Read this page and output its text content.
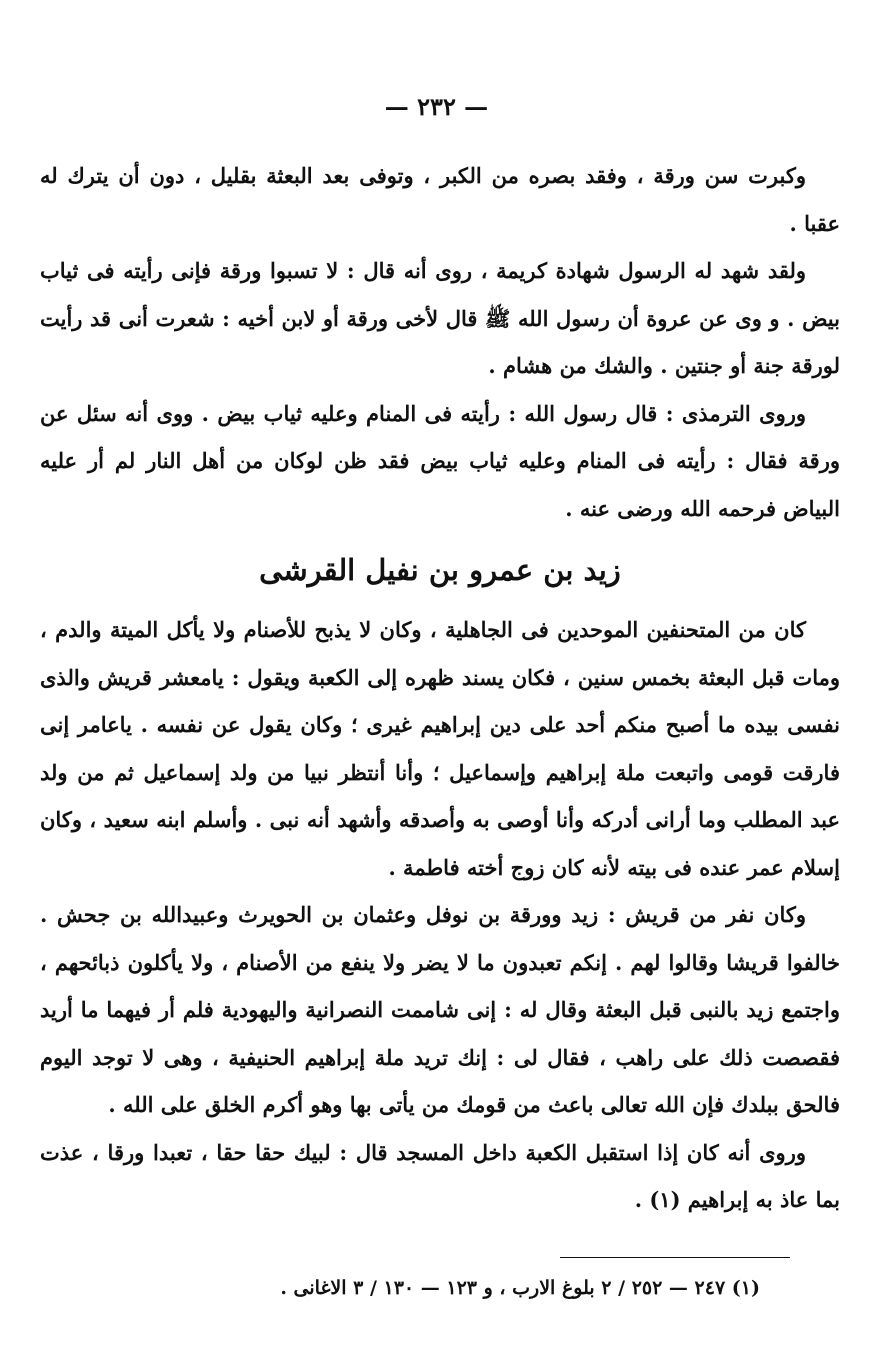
— ٢٣٢ —

وكبرت سن ورقة ، وفقد بصره من الكبر ، وتوفى بعد البعثة بقليل ، دون أن يترك له عقبا .

ولقد شهد له الرسول شهادة كريمة ، روى أنه قال : لا تسبوا ورقة فإنى رأيته فى ثياب بيض . و وى عن عروة أن رسول الله ﷺ قال لأخى ورقة أو لابن أخيه : شعرت أنى قد رأيت لورقة جنة أو جنتين . والشك من هشام .

وروى الترمذى : قال رسول الله : رأيته فى المنام وعليه ثياب بيض . ووى أنه سئل عن ورقة فقال : رأيته فى المنام وعليه ثياب بيض فقد ظن لوكان من أهل النار لم أر عليه البياض فرحمه الله ورضى عنه .

زيد بن عمرو بن نفيل القرشى

كان من المتحنفين الموحدين فى الجاهلية ، وكان لا يذبح للأصنام ولا يأكل الميتة والدم ، ومات قبل البعثة بخمس سنين ، فكان يسند ظهره إلى الكعبة ويقول : يامعشر قريش والذى نفسى بيده ما أصبح منكم أحد على دين إبراهيم غيرى ؛ وكان يقول عن نفسه . ياعامر إنى فارقت قومى واتبعت ملة إبراهيم وإسماعيل ؛ وأنا أنتظر نبيا من ولد إسماعيل ثم من ولد عبد المطلب وما أرانى أدركه وأنا أوصى به وأصدقه وأشهد أنه نبى . وأسلم ابنه سعيد ، وكان إسلام عمر عنده فى بيته لأنه كان زوج أخته فاطمة .

وكان نفر من قريش : زيد وورقة بن نوفل وعثمان بن الحويرث وعبيدالله بن جحش . خالفوا قريشا وقالوا لهم . إنكم تعبدون ما لا يضر ولا ينفع من الأصنام ، ولا يأكلون ذبائحهم ، واجتمع زيد بالنبى قبل البعثة وقال له : إنى شاممت النصرانية واليهودية فلم أر فيهما ما أريد فقصصت ذلك على راهب ، فقال لى : إنك تريد ملة إبراهيم الحنيفية ، وهى لا توجد اليوم فالحق ببلدك فإن الله تعالى باعث من قومك من يأتى بها وهو أكرم الخلق على الله .

وروى أنه كان إذا استقبل الكعبة داخل المسجد قال : لبيك حقا حقا ، تعبدا ورقا ، عذت بما عاذ به إبراهيم (١) .

(١) ٢٤٧ — ٢٥٢ / ٢ بلوغ الارب ، و ١٢٣ — ١٣٠ / ٣ الاغانى .
